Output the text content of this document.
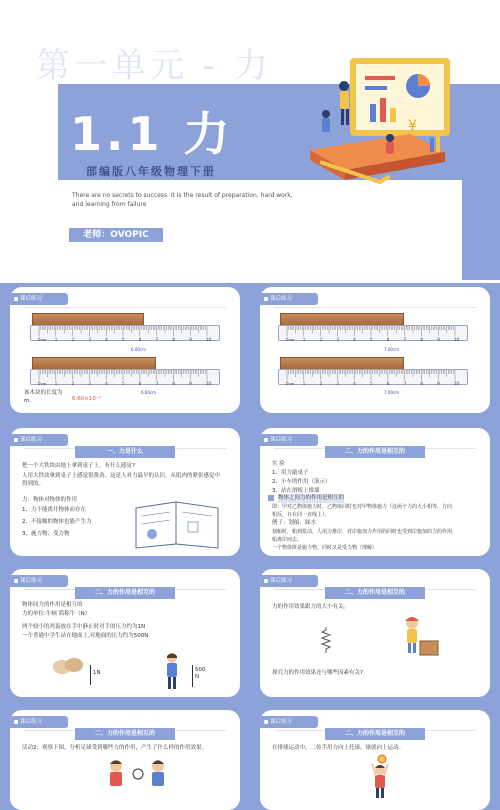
第一单元 - 力
1.1 力
部编版八年级物理下册
There are no secrets to success. It is the result of preparation, hard work, and learning from failure
老师：OVOPIC
¥
课后练习
0	1	2	3	4	5	6	7	8	9	10
cm
6.00cm
0	1	2	3	4	5	6	7	8	9	10
cm
6.60cm
该木块的长度为
6.60×10⁻²
m。
课后练习
0	1	2	3	4	5	6	7	8	9	10
cm
7.00cm
0	1	2	3	4	5	6	7	8	9	10
cm
7.00cm
课后练习
一、力是什么
把一个大铁块由地上拿到桌子上，有什么感觉?
人用大铁块拿到桌子上感觉很费劲。这是人对力最早的认识。从肌肉的紧张感觉中
得到的。
力：物体对物体的作用
1、力不能离开物体而存在
2、不接触的物体也能产生力
3、施力物、受力物
课后练习
二、力的作用是相互的
实 验
1、用力敲桌子
2、小车的作用（演示）
3、站在滑板上推墙
物体之间力的作用是相互的
即：甲对乙物体施力时，乙物体同时也对甲物体施力（这两个力的大小相等，方向
相反，且在同一直线上）。
例子：划船、踩水
划船时，船到浆动，人用力推岸，对岸施加力作用的同时也受到岸施加的力的作用，
船离岸而去。
一个物体既是施力物，同时又是受力物（理解）
课后练习
二、力的作用是相互的
物体间力的作用是相互的
力的单位:牛顿 简称牛（N）
两个较小的鸡蛋放在手中静止时对手的压力约为1N
一个普通中学生站在地面上,对地面的压力约为500N
1N	500
N
课后练习
二、力的作用是相互的
力的作用效果跟力的大小有关。
探究力的作用效果还与哪些因素有关?
课后练习
二、力的作用是相互的
活动2：观察下图，分析足球受到哪些力的作用，产生了什么样的作用效果。
课后练习
二、力的作用是相互的
在排球运动中，二传手用力向上托球，球就向上运动。
